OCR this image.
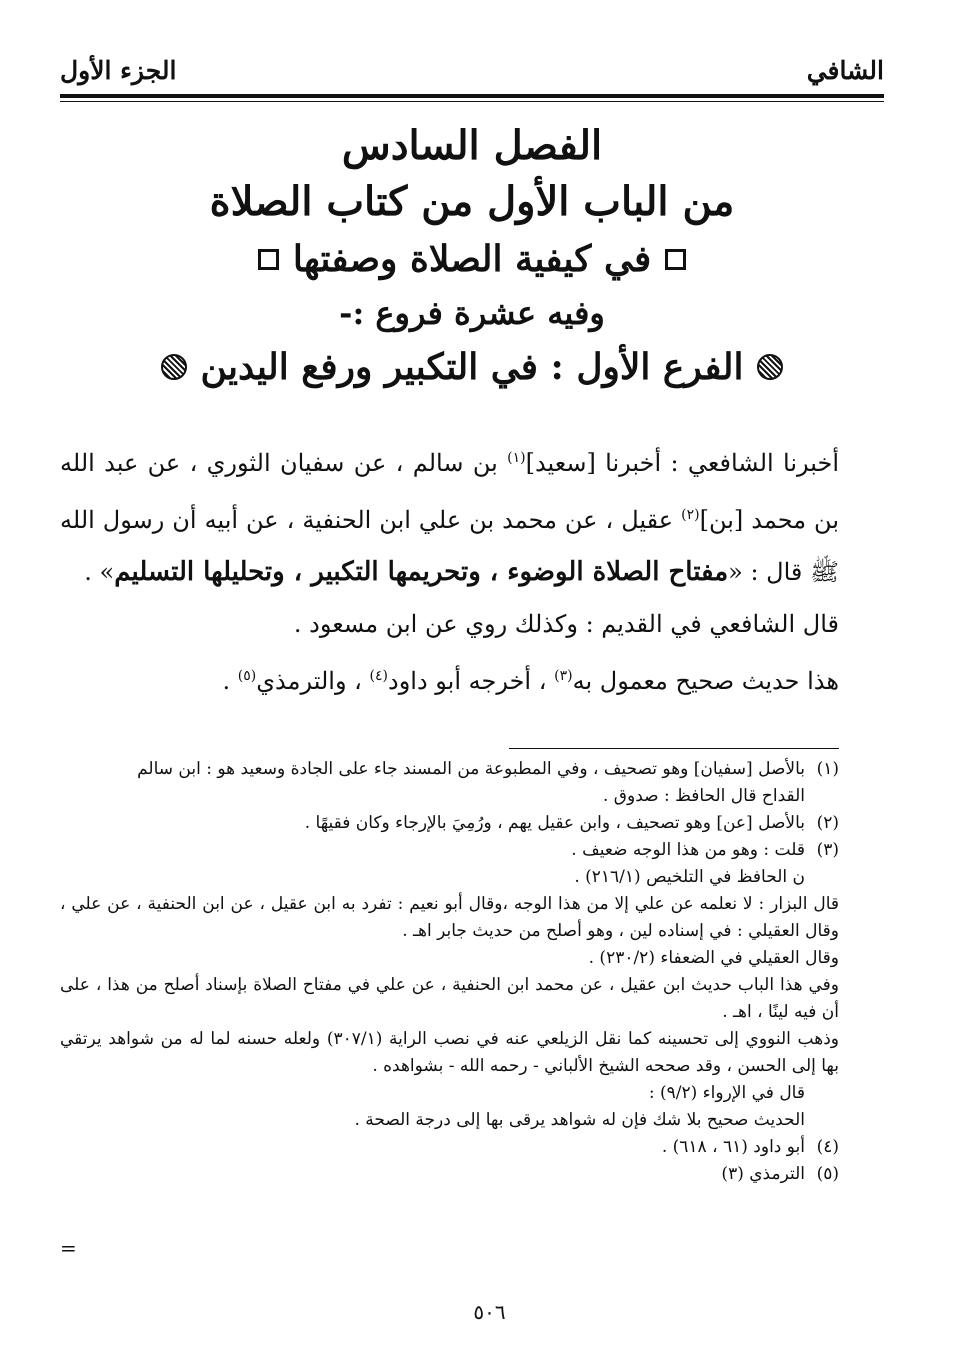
الشافي
الجزء الأول
الفصل السادس
من الباب الأول من كتاب الصلاة
في كيفية الصلاة وصفتها
وفيه عشرة فروع :-
الفرع الأول : في التكبير ورفع اليدين

أخبرنا الشافعي : أخبرنا [سعيد]$^{(١)}$ بن سالم ، عن سفيان الثوري ، عن عبد الله بن محمد [بن]$^{(٢)}$ عقيل ، عن محمد بن علي ابن الحنفية ، عن أبيه أن رسول الله ﷺ قال : «مفتاح الصلاة الوضوء ، وتحريمها التكبير ، وتحليلها التسليم» .

قال الشافعي في القديم : وكذلك روي عن ابن مسعود .

هذا حديث صحيح معمول به$^{(٣)}$ ، أخرجه أبو داود$^{(٤)}$ ، والترمذي$^{(٥)}$ .

(١)
بالأصل [سفيان] وهو تصحيف ، وفي المطبوعة من المسند جاء على الجادة وسعيد هو : ابن سالم
القداح قال الحافظ : صدوق .
(٢)
بالأصل [عن] وهو تصحيف ، وابن عقيل يهم ، ورُمِيَ بالإرجاء وكان فقيهًا .
(٣)
قلت : وهو من هذا الوجه ضعيف .
ن الحافظ في التلخيص (٢١٦/١) .
قال البزار : لا نعلمه عن علي إلا من هذا الوجه ،وقال أبو نعيم : تفرد به ابن عقيل ، عن ابن الحنفية ، عن علي ، وقال العقيلي : في إسناده لين ، وهو أصلح من حديث جابر اهـ .
وقال العقيلي في الضعفاء (٢٣٠/٢) .
وفي هذا الباب حديث ابن عقيل ، عن محمد ابن الحنفية ، عن علي في مفتاح الصلاة بإسناد أصلح من هذا ، على أن فيه لينًا ، اهـ .
وذهب النووي إلى تحسينه كما نقل الزيلعي عنه في نصب الراية (٣٠٧/١) ولعله حسنه لما له من شواهد يرتقي بها إلى الحسن ، وقد صححه الشيخ الألباني - رحمه الله - بشواهده .
قال في الإرواء (٩/٢) :
الحديث صحيح بلا شك فإن له شواهد يرقى بها إلى درجة الصحة .
(٤)
أبو داود (٦١ ، ٦١٨) .
(٥)
الترمذي (٣)
=
٥٠٦
